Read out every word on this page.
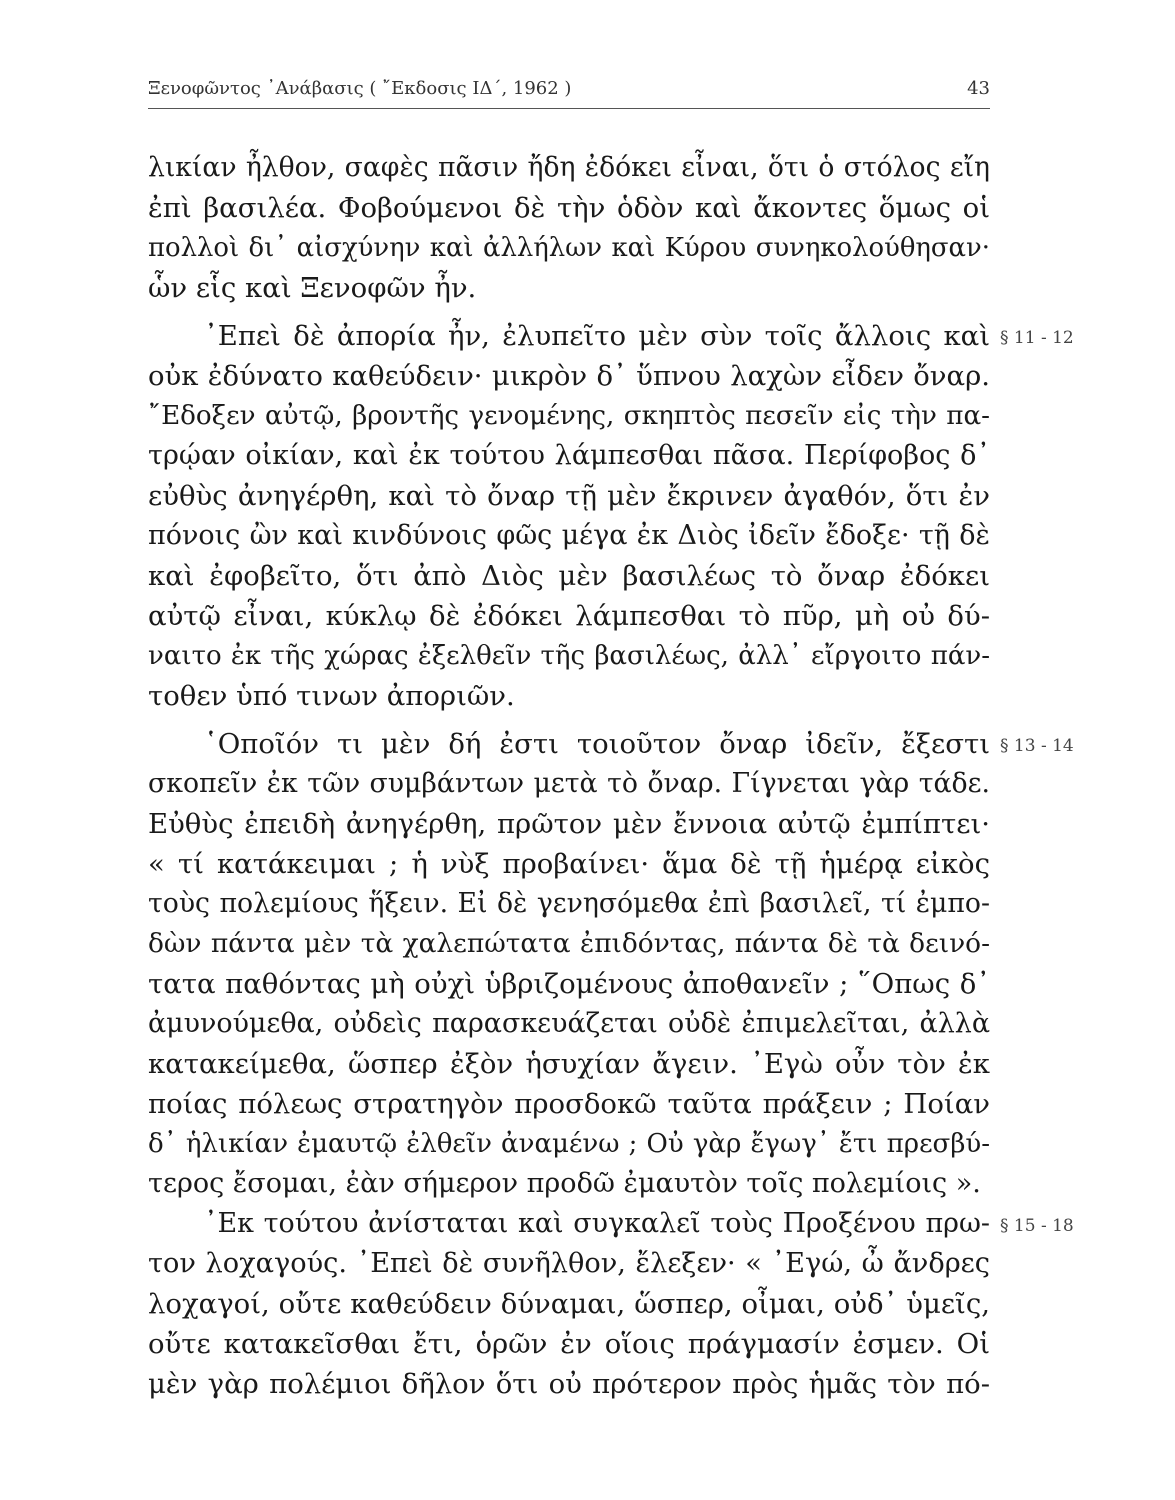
Ξενοφῶντος ᾿Ανάβασις ( ῎Εκδοσις ΙΔ΄, 1962 )	43
λικίαν ἦλθον, σαφὲς πᾶσιν ἤδη ἐδόκει εἶναι, ὅτι ὁ στόλος εἴη
ἐπὶ βασιλέα. Φοβούμενοι δὲ τὴν ὁδὸν καὶ ἄκοντες ὅμως οἱ
πολλοὶ δι᾿ αἰσχύνην καὶ ἀλλήλων καὶ Κύρου συνηκολούθησαν·
ὧν εἷς καὶ Ξενοφῶν ἦν.
᾿Επεὶ δὲ ἀπορία ἦν, ἐλυπεῖτο μὲν σὺν τοῖς ἄλλοις καὶ
οὐκ ἐδύνατο καθεύδειν· μικρὸν δ᾿ ὕπνου λαχὼν εἶδεν ὄναρ.
῎Εδοξεν αὐτῷ, βροντῆς γενομένης, σκηπτὸς πεσεῖν εἰς τὴν πα-
τρῴαν οἰκίαν, καὶ ἐκ τούτου λάμπεσθαι πᾶσα. Περίφοβος δ᾿
εὐθὺς ἀνηγέρθη, καὶ τὸ ὄναρ τῇ μὲν ἔκρινεν ἀγαθόν, ὅτι ἐν
πόνοις ὢν καὶ κινδύνοις φῶς μέγα ἐκ Διὸς ἰδεῖν ἔδοξε· τῇ δὲ
καὶ ἐφοβεῖτο, ὅτι ἀπὸ Διὸς μὲν βασιλέως τὸ ὄναρ ἐδόκει
αὐτῷ εἶναι, κύκλῳ δὲ ἐδόκει λάμπεσθαι τὸ πῦρ, μὴ οὐ δύ-
ναιτο ἐκ τῆς χώρας ἐξελθεῖν τῆς βασιλέως, ἀλλ᾿ εἴργοιτο πάν-
τοθεν ὑπό τινων ἀποριῶν.
῾Οποῖόν τι μὲν δή ἐστι τοιοῦτον ὄναρ ἰδεῖν, ἔξεστι
σκοπεῖν ἐκ τῶν συμβάντων μετὰ τὸ ὄναρ. Γίγνεται γὰρ τάδε.
Εὐθὺς ἐπειδὴ ἀνηγέρθη, πρῶτον μὲν ἔννοια αὐτῷ ἐμπίπτει·
« τί κατάκειμαι ; ἡ νὺξ προβαίνει· ἅμα δὲ τῇ ἡμέρᾳ εἰκὸς
τοὺς πολεμίους ἥξειν. Εἰ δὲ γενησόμεθα ἐπὶ βασιλεῖ, τί ἐμπο-
δὼν πάντα μὲν τὰ χαλεπώτατα ἐπιδόντας, πάντα δὲ τὰ δεινό-
τατα παθόντας μὴ οὐχὶ ὑβριζομένους ἀποθανεῖν ; ῞Οπως δ᾿
ἀμυνούμεθα, οὐδεὶς παρασκευάζεται οὐδὲ ἐπιμελεῖται, ἀλλὰ
κατακείμεθα, ὥσπερ ἐξὸν ἡσυχίαν ἄγειν. ᾿Εγὼ οὖν τὸν ἐκ
ποίας πόλεως στρατηγὸν προσδοκῶ ταῦτα πράξειν ; Ποίαν
δ᾿ ἡλικίαν ἐμαυτῷ ἐλθεῖν ἀναμένω ; Οὐ γὰρ ἔγωγ᾿ ἔτι πρεσβύ-
τερος ἔσομαι, ἐὰν σήμερον προδῶ ἐμαυτὸν τοῖς πολεμίοις ».
᾿Εκ τούτου ἀνίσταται καὶ συγκαλεῖ τοὺς Προξένου πρω-
τον λοχαγούς. ᾿Επεὶ δὲ συνῆλθον, ἔλεξεν· « ᾿Εγώ, ὦ ἄνδρες
λοχαγοί, οὔτε καθεύδειν δύναμαι, ὥσπερ, οἶμαι, οὐδ᾿ ὑμεῖς,
οὔτε κατακεῖσθαι ἔτι, ὁρῶν ἐν οἵοις πράγμασίν ἐσμεν. Οἱ
μὲν γὰρ πολέμιοι δῆλον ὅτι οὐ πρότερον πρὸς ἡμᾶς τὸν πό-
§ 11 - 12
§ 13 - 14
§ 15 - 18
